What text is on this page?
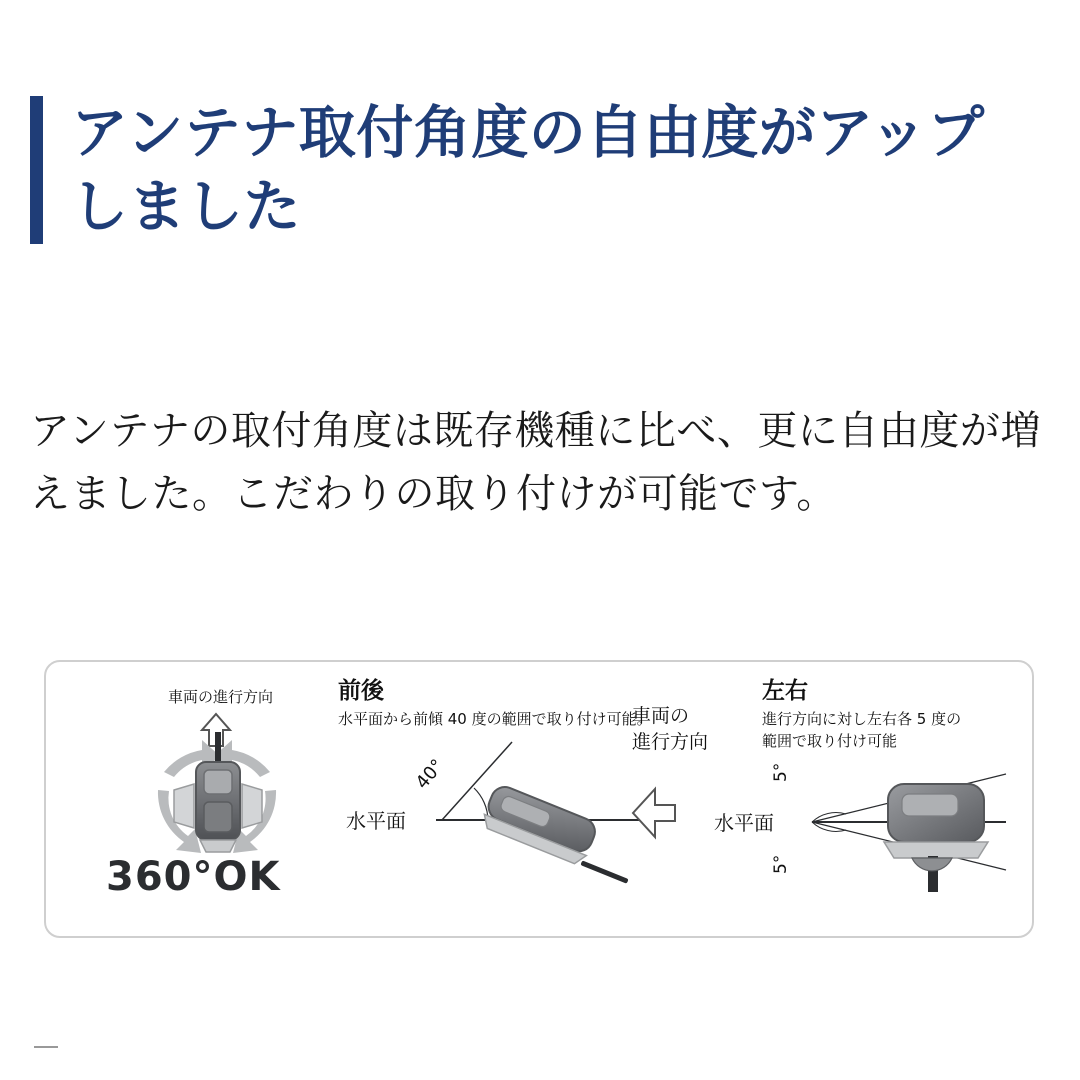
アンテナ取付角度の自由度がアップしました
アンテナの取付角度は既存機種に比べ、更に自由度が増えました。こだわりの取り付けが可能です。
車両の進行方向
360°OK
前後
水平面から前傾 40 度の範囲で取り付け可能。
水平面
40°
車両の
進行方向
左右
進行方向に対し左右各 5 度の
範囲で取り付け可能
水平面
5°
5°
